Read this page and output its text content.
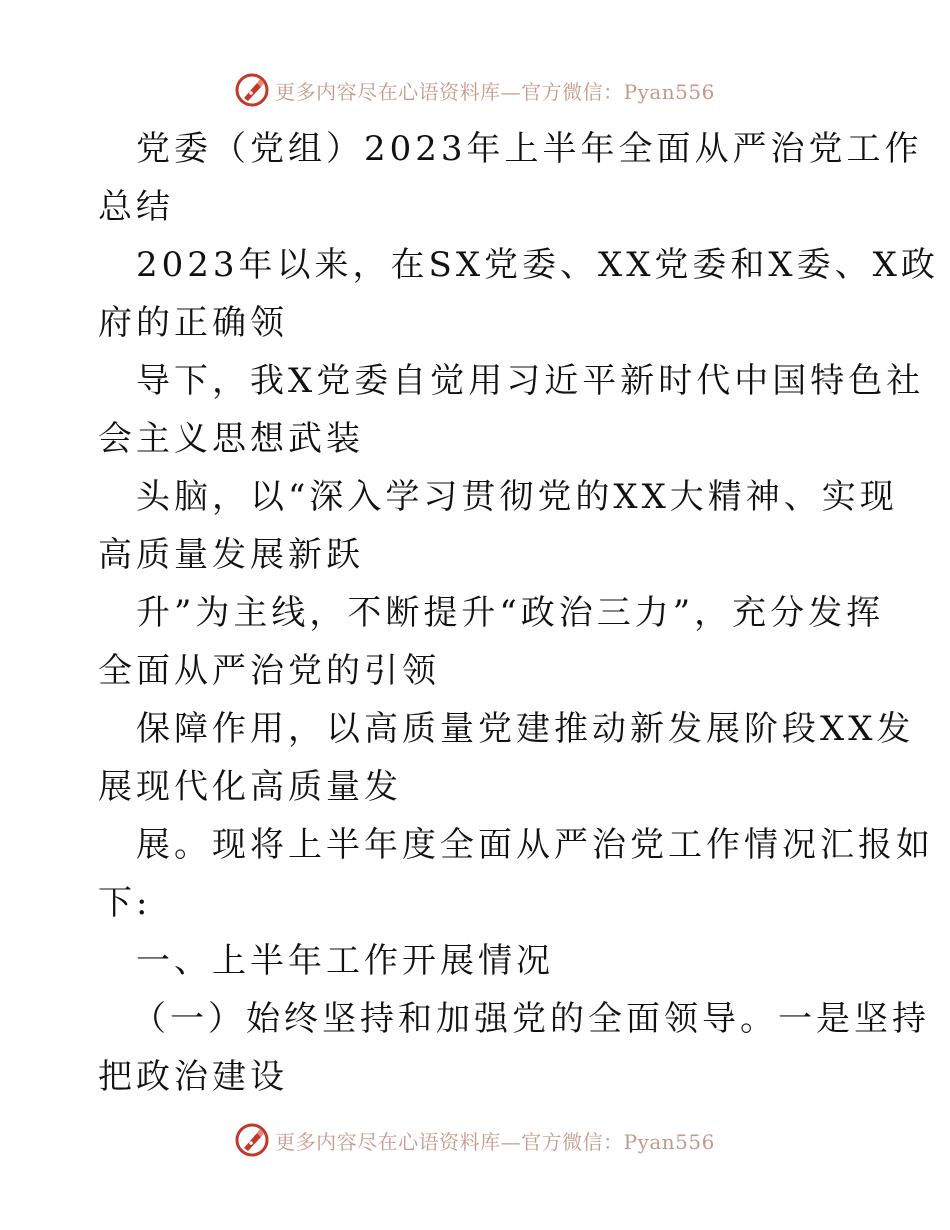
更多内容尽在心语资料库—官方微信：Pyan556

党委（党组）2023年上半年全面从严治党工作

总结

2023年以来，在SX党委、XX党委和X委、X政

府的正确领

导下，我X党委自觉用习近平新时代中国特色社

会主义思想武装

头脑，以“深入学习贯彻党的XX大精神、实现

高质量发展新跃

升”为主线，不断提升“政治三力”，充分发挥

全面从严治党的引领

保障作用，以高质量党建推动新发展阶段XX发

展现代化高质量发

展。现将上半年度全面从严治党工作情况汇报如

下:

一、上半年工作开展情况

（一）始终坚持和加强党的全面领导。一是坚持

把政治建设

更多内容尽在心语资料库—官方微信：Pyan556
